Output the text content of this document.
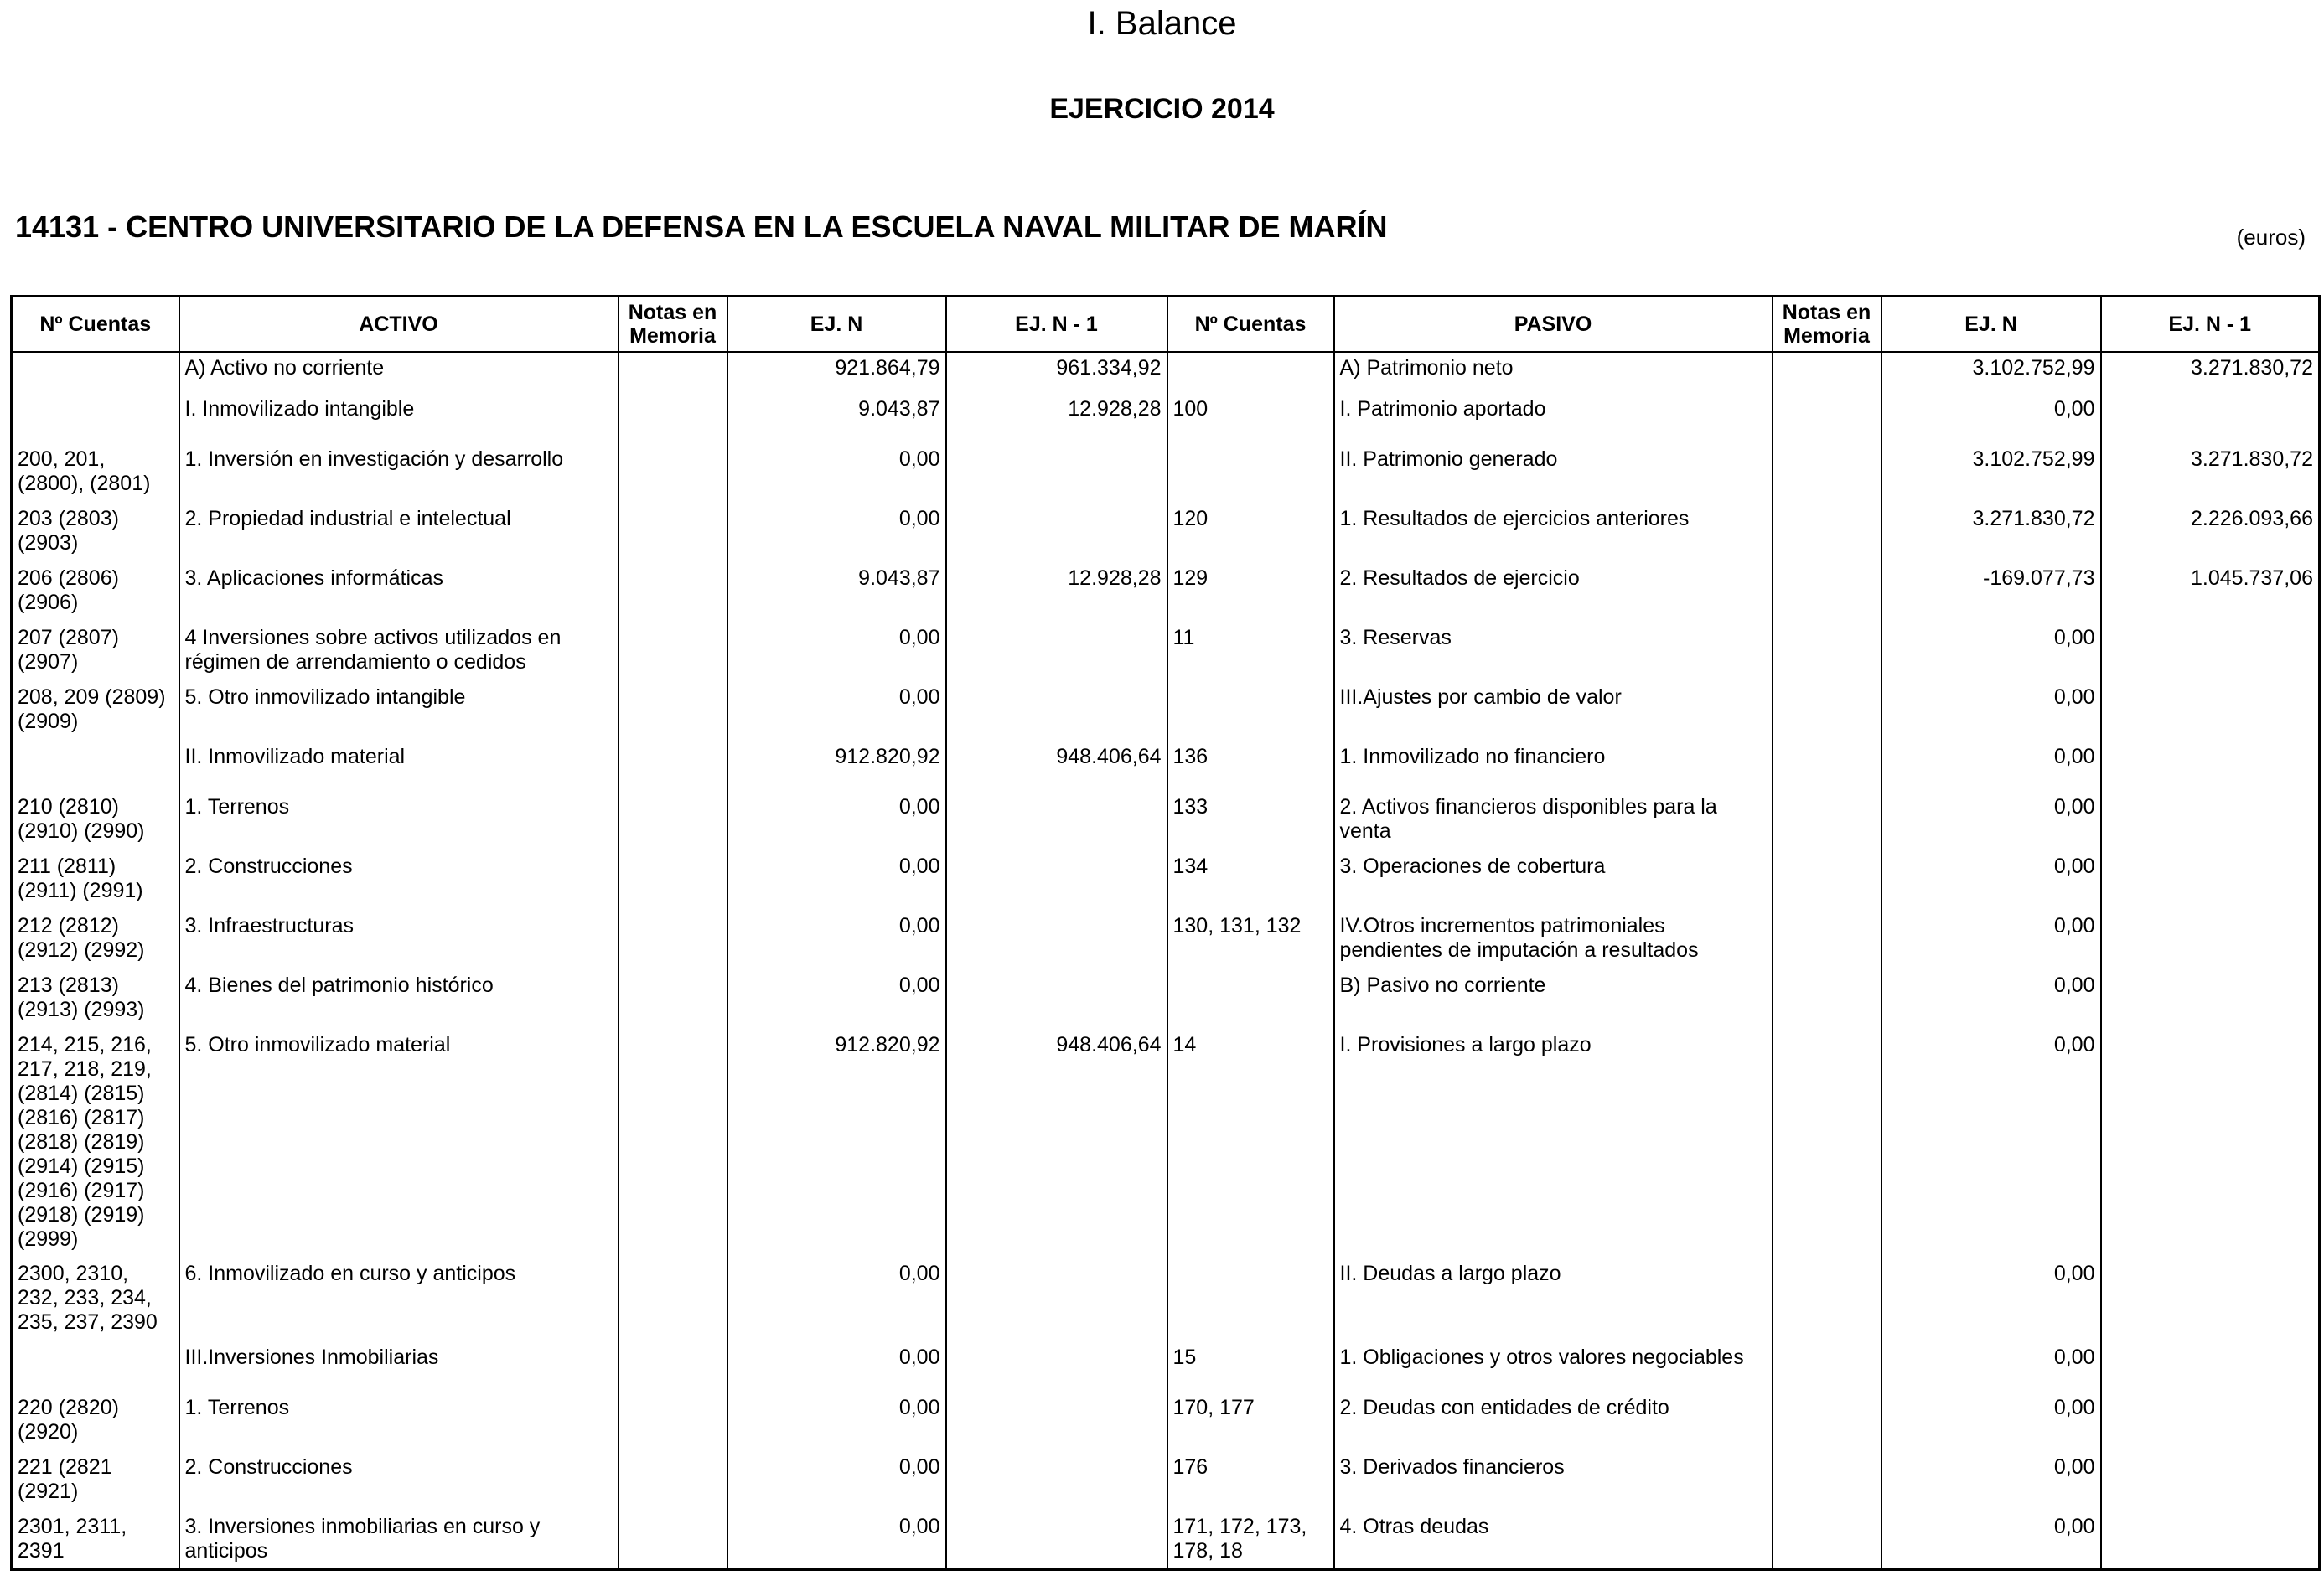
I. Balance
EJERCICIO 2014
14131 - CENTRO UNIVERSITARIO DE LA DEFENSA EN LA ESCUELA NAVAL MILITAR DE MARÍN	(euros)
Nº Cuentas	ACTIVO	Notas en Memoria	EJ. N	EJ. N - 1	Nº Cuentas	PASIVO	Notas en Memoria	EJ. N	EJ. N - 1
	A) Activo no corriente		921.864,79	961.334,92		A) Patrimonio neto		3.102.752,99	3.271.830,72
	I. Inmovilizado intangible		9.043,87	12.928,28	100	I. Patrimonio aportado		0,00	
200, 201, (2800), (2801)	1. Inversión en investigación y desarrollo		0,00			II. Patrimonio generado		3.102.752,99	3.271.830,72
203 (2803) (2903)	2. Propiedad industrial e intelectual		0,00		120	1. Resultados de ejercicios anteriores		3.271.830,72	2.226.093,66
206 (2806) (2906)	3. Aplicaciones informáticas		9.043,87	12.928,28	129	2. Resultados de ejercicio		-169.077,73	1.045.737,06
207 (2807) (2907)	4 Inversiones sobre activos utilizados en régimen de arrendamiento o cedidos		0,00		11	3. Reservas		0,00	
208, 209 (2809) (2909)	5. Otro inmovilizado intangible		0,00			III.Ajustes por cambio de valor		0,00	
	II. Inmovilizado material		912.820,92	948.406,64	136	1. Inmovilizado no financiero		0,00	
210 (2810) (2910) (2990)	1. Terrenos		0,00		133	2. Activos financieros disponibles para la venta		0,00	
211 (2811) (2911) (2991)	2. Construcciones		0,00		134	3. Operaciones de cobertura		0,00	
212 (2812) (2912) (2992)	3. Infraestructuras		0,00		130, 131, 132	IV.Otros incrementos patrimoniales pendientes de imputación a resultados		0,00	
213 (2813) (2913) (2993)	4. Bienes del patrimonio histórico		0,00			B) Pasivo no corriente		0,00	
214, 215, 216, 217, 218, 219, (2814) (2815) (2816) (2817) (2818) (2819) (2914) (2915) (2916) (2917) (2918) (2919) (2999)	5. Otro inmovilizado material		912.820,92	948.406,64	14	I. Provisiones a largo plazo		0,00	
2300, 2310, 232, 233, 234, 235, 237, 2390	6. Inmovilizado en curso y anticipos		0,00			II. Deudas a largo plazo		0,00	
	III.Inversiones Inmobiliarias		0,00		15	1. Obligaciones y otros valores negociables		0,00	
220 (2820) (2920)	1. Terrenos		0,00		170, 177	2. Deudas con entidades de crédito		0,00	
221 (2821 (2921)	2. Construcciones		0,00		176	3. Derivados financieros		0,00	
2301, 2311, 2391	3. Inversiones inmobiliarias en curso y anticipos		0,00		171, 172, 173, 178, 18	4. Otras deudas		0,00	
